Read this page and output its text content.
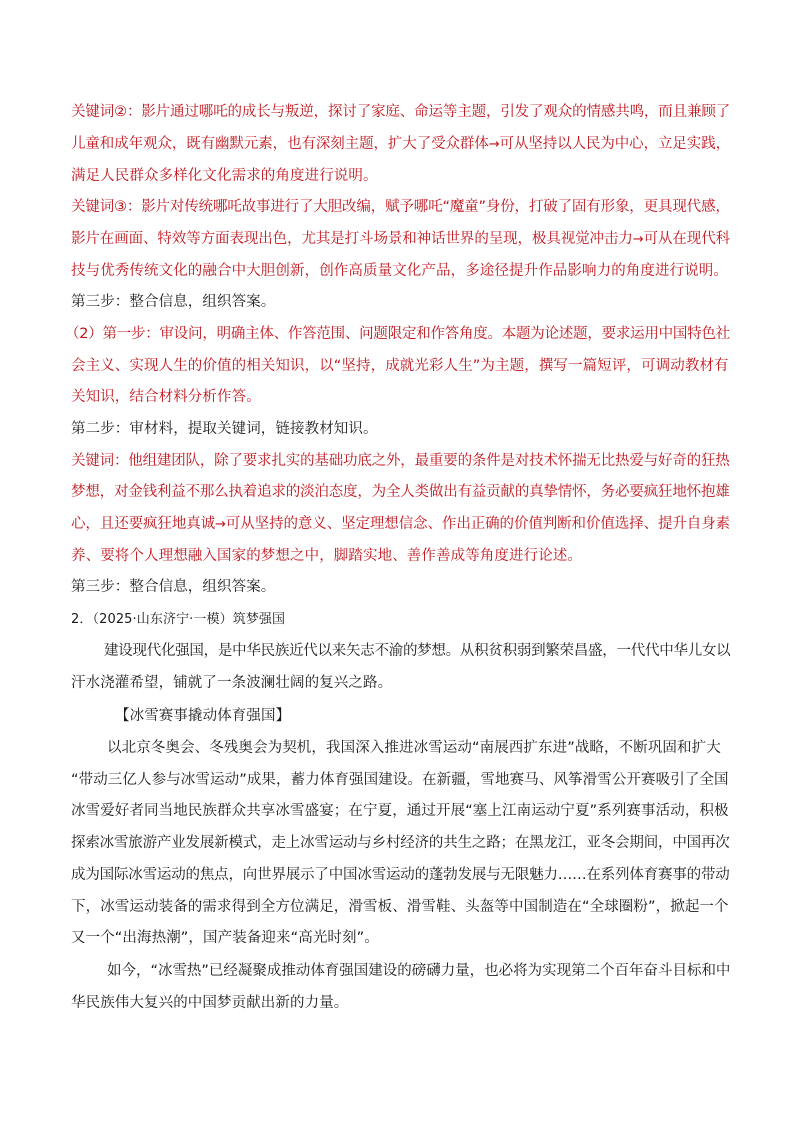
关键词②：影片通过哪吒的成长与叛逆，探讨了家庭、命运等主题，引发了观众的情感共鸣，而且兼顾了
儿童和成年观众，既有幽默元素，也有深刻主题，扩大了受众群体→可从坚持以人民为中心，立足实践，
满足人民群众多样化文化需求的角度进行说明。
关键词③：影片对传统哪吒故事进行了大胆改编，赋予哪吒“魔童”身份，打破了固有形象，更具现代感，
影片在画面、特效等方面表现出色，尤其是打斗场景和神话世界的呈现，极具视觉冲击力→可从在现代科
技与优秀传统文化的融合中大胆创新，创作高质量文化产品，多途径提升作品影响力的角度进行说明。
第三步：整合信息，组织答案。
（2）第一步：审设问，明确主体、作答范围、问题限定和作答角度。本题为论述题，要求运用中国特色社
会主义、实现人生的价值的相关知识，以“坚持，成就光彩人生”为主题，撰写一篇短评，可调动教材有
关知识，结合材料分析作答。
第二步：审材料，提取关键词，链接教材知识。
关键词：他组建团队，除了要求扎实的基础功底之外，最重要的条件是对技术怀揣无比热爱与好奇的狂热
梦想，对金钱利益不那么执着追求的淡泊态度，为全人类做出有益贡献的真挚情怀，务必要疯狂地怀抱雄
心，且还要疯狂地真诚→可从坚持的意义、坚定理想信念、作出正确的价值判断和价值选择、提升自身素
养、要将个人理想融入国家的梦想之中，脚踏实地、善作善成等角度进行论述。
第三步：整合信息，组织答案。
2．（2025·山东济宁·一模）筑梦强国
建设现代化强国，是中华民族近代以来矢志不渝的梦想。从积贫积弱到繁荣昌盛，一代代中华儿女以
汗水浇灌希望，铺就了一条波澜壮阔的复兴之路。
【冰雪赛事撬动体育强国】
以北京冬奥会、冬残奥会为契机，我国深入推进冰雪运动“南展西扩东进”战略，不断巩固和扩大
“带动三亿人参与冰雪运动”成果，蓄力体育强国建设。在新疆，雪地赛马、风筝滑雪公开赛吸引了全国
冰雪爱好者同当地民族群众共享冰雪盛宴；在宁夏，通过开展“塞上江南运动宁夏”系列赛事活动，积极
探索冰雪旅游产业发展新模式，走上冰雪运动与乡村经济的共生之路；在黑龙江，亚冬会期间，中国再次
成为国际冰雪运动的焦点，向世界展示了中国冰雪运动的蓬勃发展与无限魅力……在系列体育赛事的带动
下，冰雪运动装备的需求得到全方位满足，滑雪板、滑雪鞋、头盔等中国制造在“全球圈粉”，掀起一个
又一个“出海热潮”，国产装备迎来“高光时刻”。
如今，“冰雪热”已经凝聚成推动体育强国建设的磅礴力量，也必将为实现第二个百年奋斗目标和中
华民族伟大复兴的中国梦贡献出新的力量。
